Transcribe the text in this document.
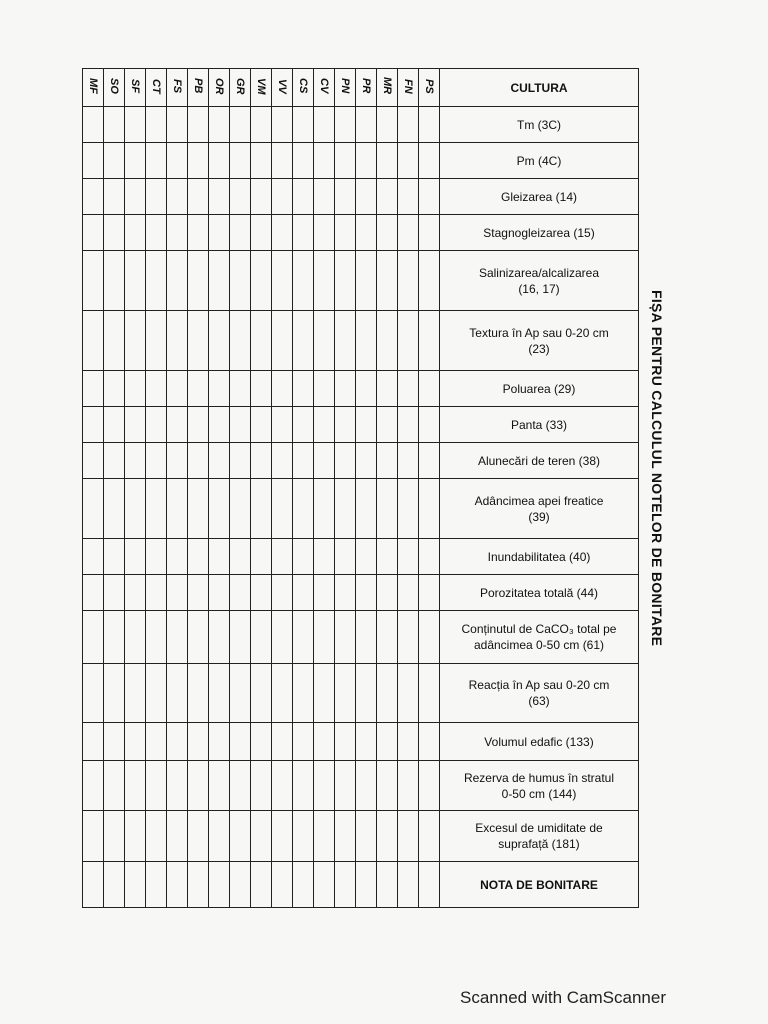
MF	SO	SF	CT	FS	PB	OR	GR	VM	VV	CS	CV	PN	PR	MR	FN	PS	CULTURA
																	Tm (3C)
																	Pm (4C)
																	Gleizarea (14)
																	Stagnogleizarea (15)
																	Salinizarea/alcalizarea
(16, 17)
																	Textura în Ap sau 0-20 cm
(23)
																	Poluarea (29)
																	Panta (33)
																	Alunecări de teren (38)
																	Adâncimea apei freatice
(39)
																	Inundabilitatea (40)
																	Porozitatea totală (44)
																	Conținutul de CaCO₃ total pe
adâncimea 0-50 cm (61)
																	Reacția în Ap sau 0-20 cm
(63)
																	Volumul edafic (133)
																	Rezerva de humus în stratul
0-50 cm (144)
																	Excesul de umiditate de
suprafață (181)
																	NOTA DE BONITARE
FIȘA PENTRU CALCULUL NOTELOR DE BONITARE
Scanned with CamScanner
